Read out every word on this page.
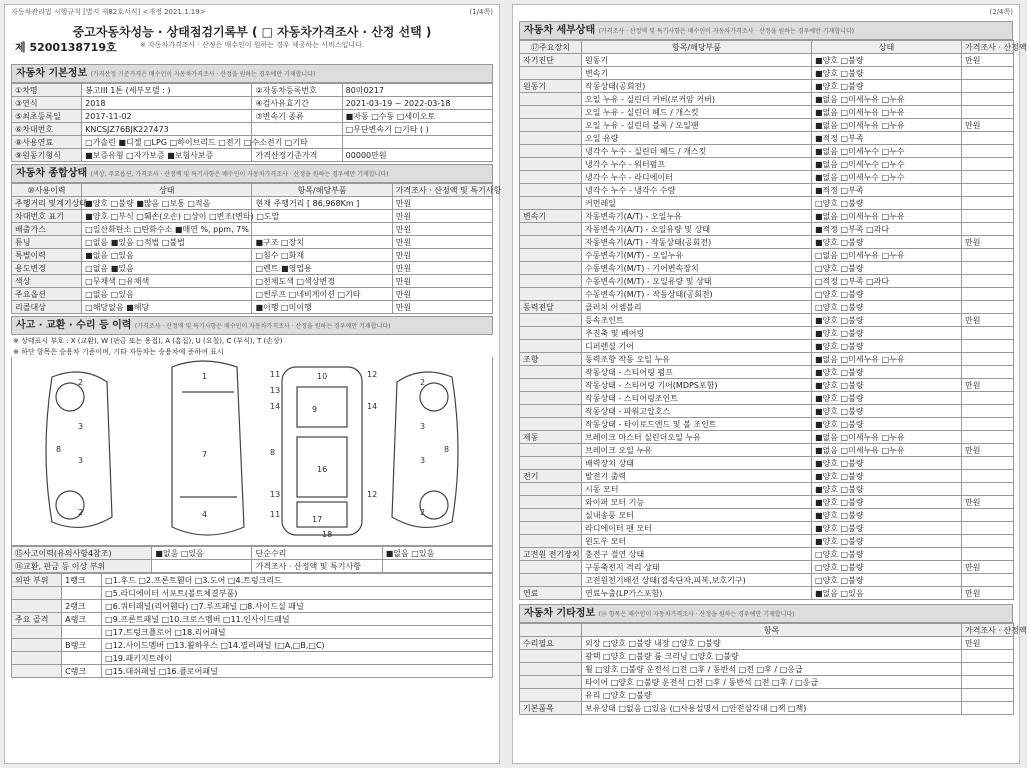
자동차관리법 시행규칙 [별지 제82호서식] <개정 2021.1.19>	(1/4쪽)
중고자동차성능 · 상태점검기록부 ( □ 자동차가격조사 · 산정 선택 )
※ 자동차가격조사 · 산정은 매수인이 원하는 경우 제공하는 서비스입니다.
제 5200138719호
자동차 기본정보 (가격산정 기준가격은 매수인이 자동차가격조사 · 산정을 원하는 경우에만 기재합니다)
①차명	봉고III 1톤 (세부모델 : )	②자동차등록번호	80마0217
③연식	2018	④검사유효기간	2021-03-19 ~ 2022-03-18
⑤최초등록일	2017-11-02	⑦변속기 종류	■자동 □수동 □세미오토
⑥차대번호	KNCSJZ76BJK227473		□무단변속기 □기타 ( )
⑧사용연료	□가솔린 ■디젤 □LPG □하이브리드 □전기 □수소전기 □기타		
⑨원동기형식	■보증유형 □자가보증 ■보험사보증	가격산정기준가격	00000만원
자동차 종합상태 (색상, 주요옵션, 가격조사 · 산정액 및 특기사항은 매수인이 자동차가격조사 · 산정을 원하는 경우에만 기재합니다)
⑩사용이력	상태	항목/해당부품	가격조사 · 산정액 및 특기사항
주행거리 및계기상태	■양호 □불량 ■많음 □보통 □적음	현재 주행거리 [ 86,968Km ]	만원
차대번호 표기	■양호 □부식 □훼손(오손) □상이 □변조(변타) □도말		만원
배출가스	□일산화탄소 □탄화수소 ■매연 %, ppm, 7%		만원
튜닝	□없음 ■있음 □적법 □불법	■구조 □장치	만원
특별이력	■없음 □있음	□침수 □화재	만원
용도변경	□없음 ■있음	□렌트 ■영업용	만원
색상	□무채색 □유채색	□전체도색 □색상변경	만원
주요옵션	□없음 □있음	□썬루프 □네비게이션 □기타	만원
리콜대상	□해당없음 ■해당	■이행 □미이행	만원
사고 · 교환 · 수리 등 이력 (가격조사 · 산정액 및 특기사항은 매수인이 자동차가격조사 · 산정을 원하는 경우에만 기재합니다)
※ 상태표시 부호 : X (교환), W (판금 또는 용접), A (흠집), U (요철), C (부식), T (손상)
※ 하단 항목은 승용차 기준이며, 기타 자동차는 승용차에 준하여 표시
2
3
3
2
8
1
7
4
11
13
14
8
13
11
12
14
12
10
9
16
17
18
2
3
3
2
8
⑮사고이력(유의사항4참조)	■없음 □있음	단순수리	■없음 □있음
⑯교환, 판금 등 이상 부위		가격조사 · 산정액 및 특기사항	
외판 부위	1랭크	□1.후드 □2.프론트휀더 □3.도어 □4.트렁크리드
		□5.라디에이터 서포트(볼트체결부품)
	2랭크	□6.쿼터패널(리어휀다) □7.루프패널 □8.사이드실 패널
주요 골격	A랭크	□9.프론트패널 □10.크로스멤버 □11.인사이드패널
		□17.트렁크플로어 □18.리어패널
	B랭크	□12.사이드멤버 □13.휠하우스 □14.필러패널 (□A,□B,□C)
		□19.패키지트레이
	C랭크	□15.대쉬패널 □16.플로어패널
(2/4쪽)
자동차 세부상태 (가격조사 · 산정액 및 특기사항은 매수인이 자동차가격조사 · 산정을 원하는 경우에만 기재합니다)
⑰주요장치	항목/해당부품	상태	가격조사 · 산정액
자기진단	원동기	■양호 □불량	만원
	변속기	■양호 □불량	
원동기	작동상태(공회전)	■양호 □불량	
	오일 누유 - 실린더 커버(로커암 커버)	■없음 □미세누유 □누유	
	오일 누유 - 실린더 헤드 / 개스킷	■없음 □미세누유 □누유	
	오일 누유 - 실린더 블록 / 오일팬	■없음 □미세누유 □누유	만원
	오일 유량	■적정 □부족	
	냉각수 누수 - 실린더 헤드 / 개스킷	■없음 □미세누수 □누수	
	냉각수 누수 - 워터펌프	■없음 □미세누수 □누수	
	냉각수 누수 - 라디에이터	■없음 □미세누수 □누수	
	냉각수 누수 - 냉각수 수량	■적정 □부족	
	커먼레일	□양호 □불량	
변속기	자동변속기(A/T) - 오일누유	■없음 □미세누유 □누유	
	자동변속기(A/T) - 오일유량 및 상태	■적정 □부족 □과다	
	자동변속기(A/T) - 작동상태(공회전)	■양호 □불량	만원
	수동변속기(M/T) - 오일누유	□없음 □미세누유 □누유	
	수동변속기(M/T) - 기어변속장치	□양호 □불량	
	수동변속기(M/T) - 오일유량 및 상태	□적정 □부족 □과다	
	수동변속기(M/T) - 작동상태(공회전)	□양호 □불량	
동력전달	클러치 어셈블리	□양호 □불량	
	등속조인트	■양호 □불량	만원
	추진축 및 베어링	■양호 □불량	
	디퍼렌셜 기어	■양호 □불량	
조향	동력조향 작동 오일 누유	■없음 □미세누유 □누유	
	작동상태 - 스티어링 펌프	■양호 □불량	
	작동상태 - 스티어링 기어(MDPS포함)	■양호 □불량	만원
	작동상태 - 스티어링조인트	■양호 □불량	
	작동상태 - 파워고압호스	■양호 □불량	
	작동상태 - 타이로드엔드 및 볼 조인트	■양호 □불량	
제동	브레이크 마스터 실린더오일 누유	■없음 □미세누유 □누유	
	브레이크 오일 누유	■없음 □미세누유 □누유	만원
	배력장치 상태	■양호 □불량	
전기	발전기 출력	■양호 □불량	
	시동 모터	■양호 □불량	
	와이퍼 모터 기능	■양호 □불량	만원
	실내송풍 모터	■양호 □불량	
	라디에이터 팬 모터	■양호 □불량	
	윈도우 모터	■양호 □불량	
고전원 전기장치	충전구 절연 상태	□양호 □불량	
	구동축전지 격리 상태	□양호 □불량	만원
	고전원전기배선 상태(접속단자,피복,보호기구)	□양호 □불량	
연료	연료누출(LP가스포함)	■없음 □있음	만원
자동차 기타정보 (⑱ 항목은 매수인이 자동차가격조사 · 산정을 원하는 경우에만 기재합니다)
	항목	가격조사 · 산정액
수리필요	외장 □양호 □불량 내장 □양호 □불량	만원
	광택 □양호 □불량 룸 크리닝 □양호 □불량	
	휠 □양호 □불량 운전석 □전 □후 / 동반석 □전 □후 / □응급	
	타이어 □양호 □불량 운전석 □전 □후 / 동반석 □전 □후 / □응급	
	유리 □양호 □불량	
기본품목	보유상태 □없음 □있음 (□사용설명서 □안전삼각대 □잭 □잭)	
